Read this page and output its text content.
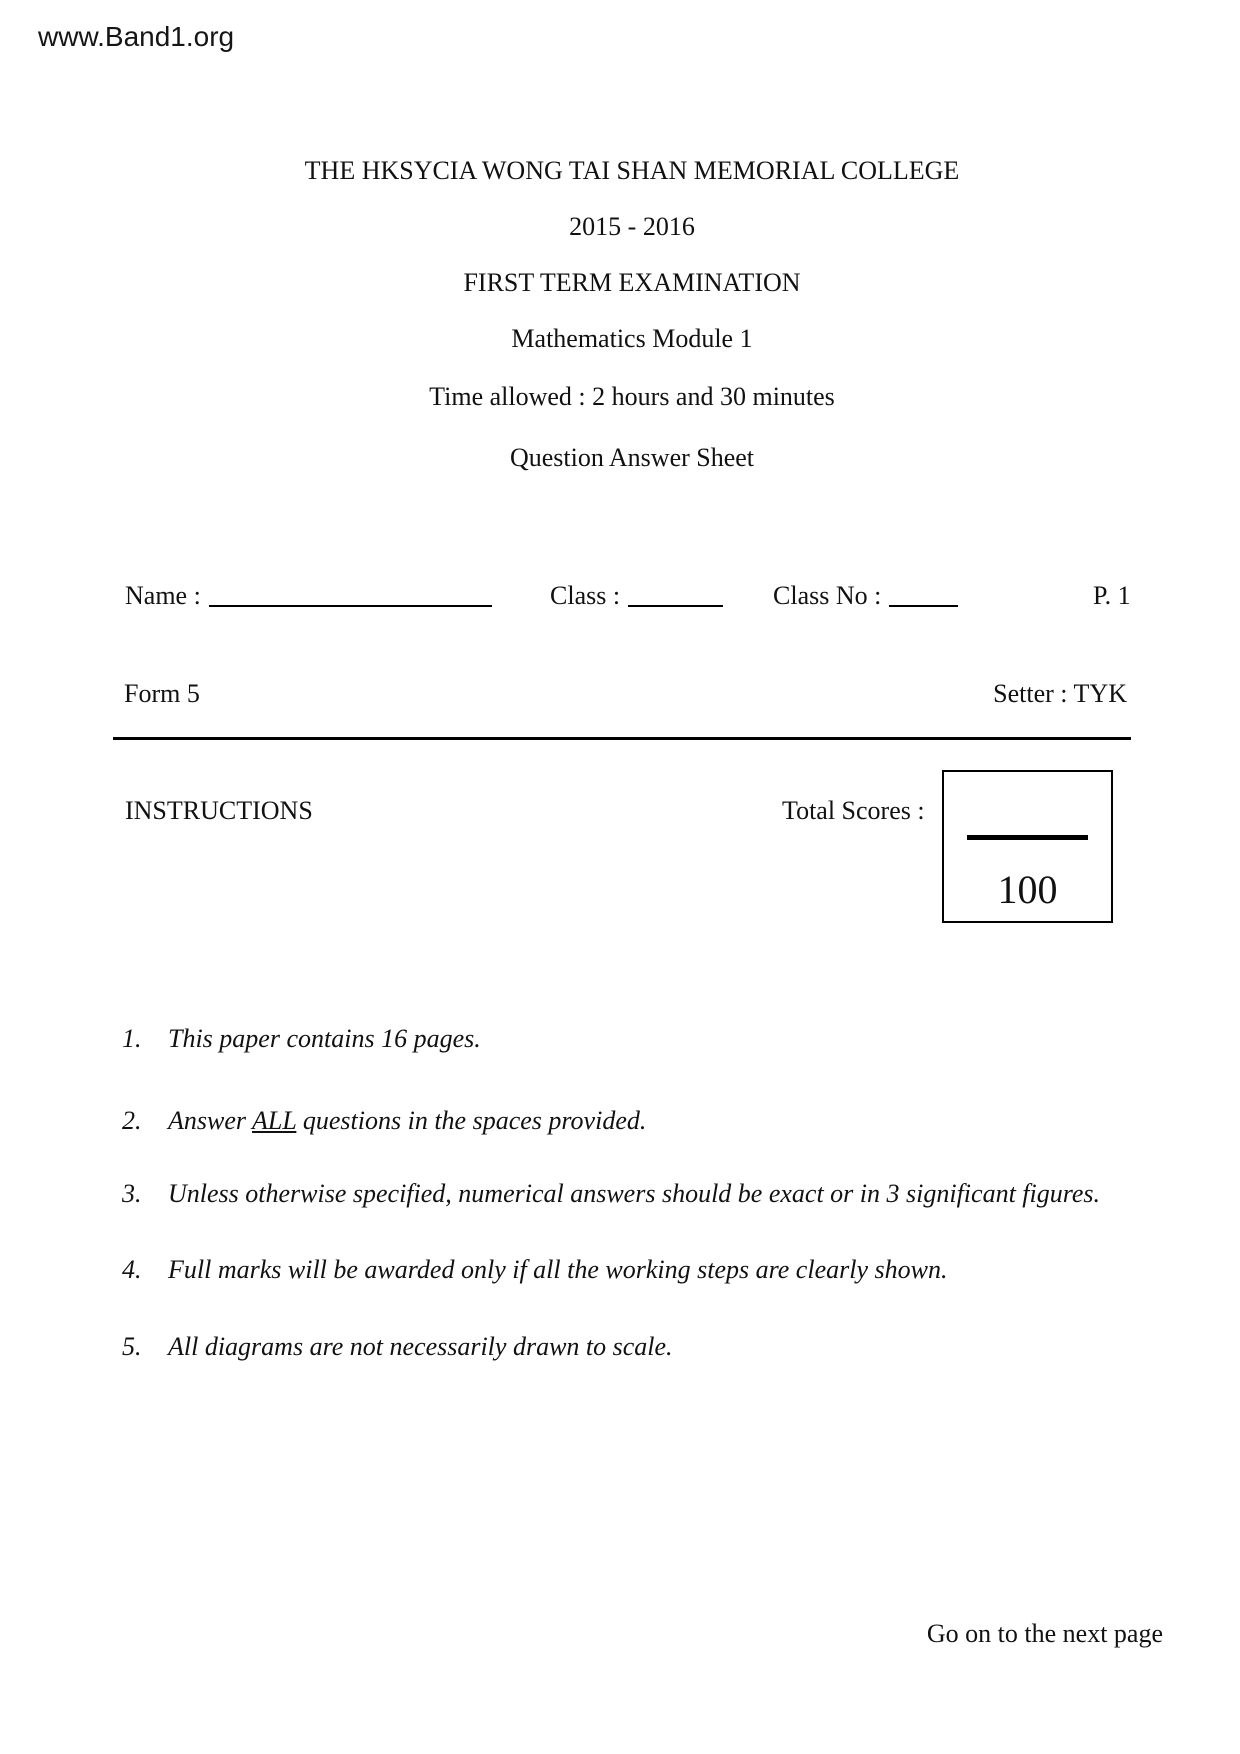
www.Band1.org
THE HKSYCIA WONG TAI SHAN MEMORIAL COLLEGE
2015 - 2016
FIRST TERM EXAMINATION
Mathematics Module 1
Time allowed : 2 hours and 30 minutes
Question Answer Sheet
Name :	Class :	Class No :	P. 1
Form 5	Setter : TYK
INSTRUCTIONS	Total Scores :
100
1. This paper contains 16 pages.
2. Answer ALL questions in the spaces provided.
3. Unless otherwise specified, numerical answers should be exact or in 3 significant figures.
4. Full marks will be awarded only if all the working steps are clearly shown.
5. All diagrams are not necessarily drawn to scale.
Go on to the next page
